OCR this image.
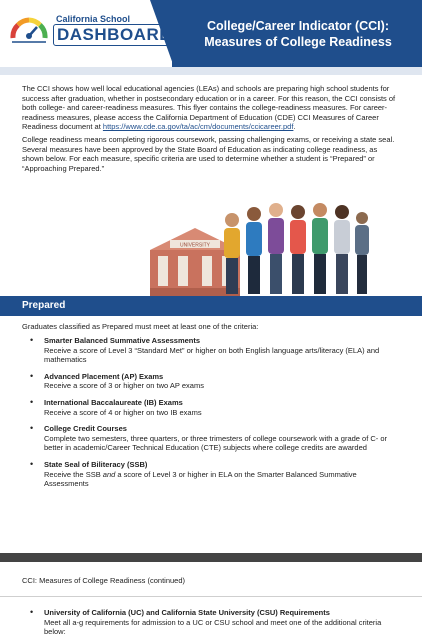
California School
DASHBOARD	College/Career Indicator (CCI):
Measures of College Readiness

The CCI shows how well local educational agencies (LEAs) and schools are preparing high school students for success after graduation, whether in postsecondary education or in a career. For this reason, the CCI consists of both college- and career-readiness measures. This flyer contains the college-readiness measures. For career-readiness measures, please access the California Department of Education (CDE) CCI Measures of Career Readiness document at https://www.cde.ca.gov/ta/ac/cm/documents/ccicareer.pdf.

College readiness means completing rigorous coursework, passing challenging exams, or receiving a state seal. Several measures have been approved by the State Board of Education as indicating college readiness, as shown below. For each measure, specific criteria are used to determine whether a student is “Prepared” or “Approaching Prepared.”

UNIVERSITY
Prepared
Graduates classified as Prepared must meet at least one of the criteria:
• Smarter Balanced Summative Assessments
Receive a score of Level 3 “Standard Met” or higher on both English language arts/literacy (ELA) and mathematics
• Advanced Placement (AP) Exams
Receive a score of 3 or higher on two AP exams
• International Baccalaureate (IB) Exams
Receive a score of 4 or higher on two IB exams
• College Credit Courses
Complete two semesters, three quarters, or three trimesters of college coursework with a grade of C- or better in academic/Career Technical Education (CTE) subjects where college credits are awarded
• State Seal of Biliteracy (SSB)
Receive the SSB and a score of Level 3 or higher in ELA on the Smarter Balanced Summative Assessments
CCI: Measures of College Readiness (continued)
• University of California (UC) and California State University (CSU) Requirements
Meet all a-g requirements for admission to a UC or CSU school and meet one of the additional criteria below:
